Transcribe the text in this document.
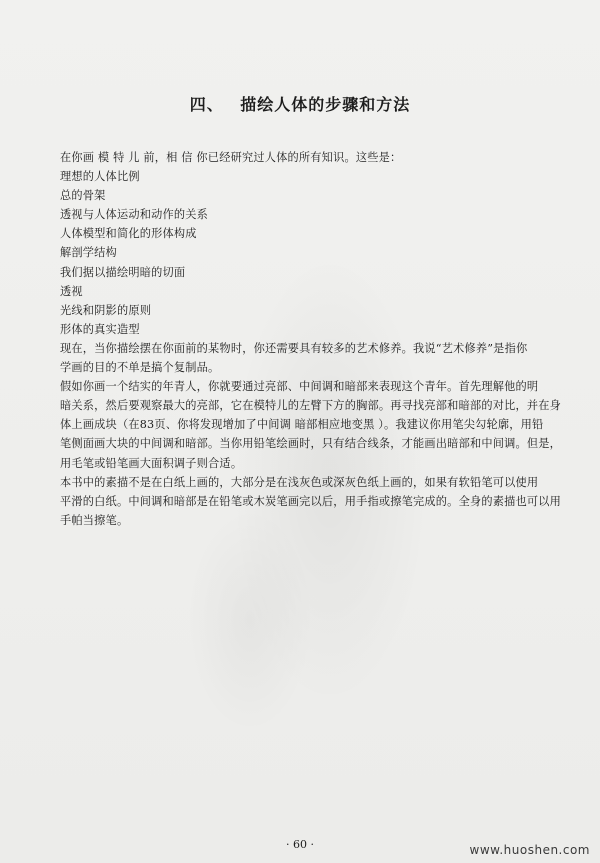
四、 描绘人体的步骤和方法

在你画 模 特 儿 前，相 信 你已经研究过人体的所有知识。这些是：

理想的人体比例

总的骨架

透视与人体运动和动作的关系

人体模型和简化的形体构成

解剖学结构

我们据以描绘明暗的切面

透视

光线和阴影的原则

形体的真实造型

现在，当你描绘摆在你面前的某物时，你还需要具有较多的艺术修养。我说“艺术修养”是指你

学画的目的不单是搞个复制品。

假如你画一个结实的年青人，你就要通过亮部、中间调和暗部来表现这个青年。首先理解他的明

暗关系，然后要观察最大的亮部，它在模特儿的左臂下方的胸部。再寻找亮部和暗部的对比，并在身

体上画成块（在83页、你将发现增加了中间调 暗部相应地变黑 ）。我建议你用笔尖勾轮廓，用铅

笔侧面画大块的中间调和暗部。当你用铅笔绘画时，只有结合线条，才能画出暗部和中间调。但是，

用毛笔或铅笔画大面积调子则合适。

本书中的素描不是在白纸上画的，大部分是在浅灰色或深灰色纸上画的，如果有软铅笔可以使用

平滑的白纸。中间调和暗部是在铅笔或木炭笔画完以后，用手指或擦笔完成的。全身的素描也可以用

手帕当擦笔。

· 60 ·	www.huoshen.com
